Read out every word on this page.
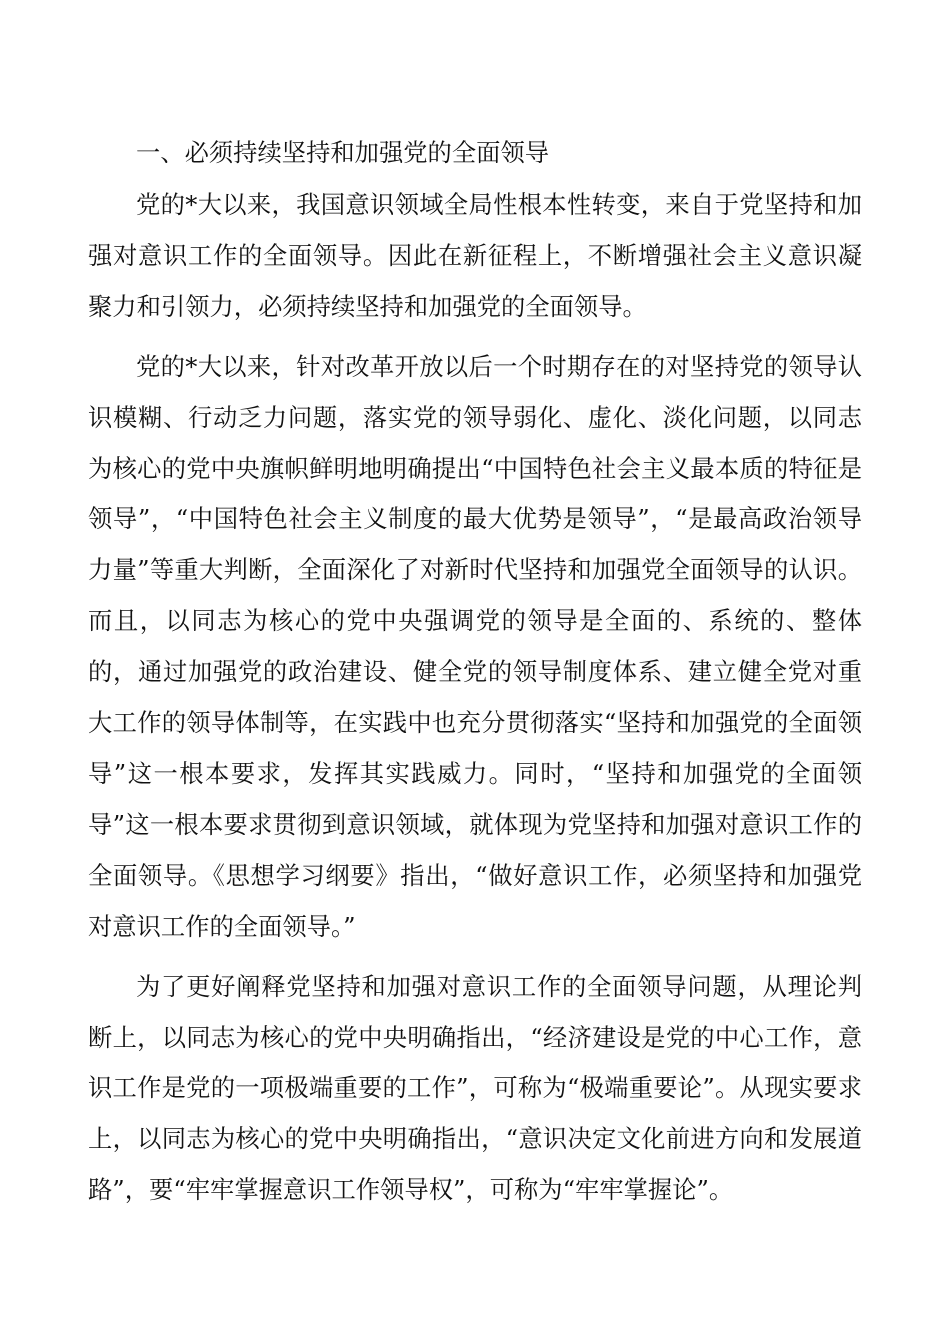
一、必须持续坚持和加强党的全面领导

党的*大以来，我国意识领域全局性根本性转变，来自于党坚持和加强对意识工作的全面领导。因此在新征程上，不断增强社会主义意识凝聚力和引领力，必须持续坚持和加强党的全面领导。

党的*大以来，针对改革开放以后一个时期存在的对坚持党的领导认识模糊、行动乏力问题，落实党的领导弱化、虚化、淡化问题，以同志为核心的党中央旗帜鲜明地明确提出“中国特色社会主义最本质的特征是领导”，“中国特色社会主义制度的最大优势是领导”，“是最高政治领导力量”等重大判断，全面深化了对新时代坚持和加强党全面领导的认识。而且，以同志为核心的党中央强调党的领导是全面的、系统的、整体的，通过加强党的政治建设、健全党的领导制度体系、建立健全党对重大工作的领导体制等，在实践中也充分贯彻落实“坚持和加强党的全面领导”这一根本要求，发挥其实践威力。同时，“坚持和加强党的全面领导”这一根本要求贯彻到意识领域，就体现为党坚持和加强对意识工作的全面领导。《思想学习纲要》指出，“做好意识工作，必须坚持和加强党对意识工作的全面领导。”

为了更好阐释党坚持和加强对意识工作的全面领导问题，从理论判断上，以同志为核心的党中央明确指出，“经济建设是党的中心工作，意识工作是党的一项极端重要的工作”，可称为“极端重要论”。从现实要求上，以同志为核心的党中央明确指出，“意识决定文化前进方向和发展道路”，要“牢牢掌握意识工作领导权”，可称为“牢牢掌握论”。
